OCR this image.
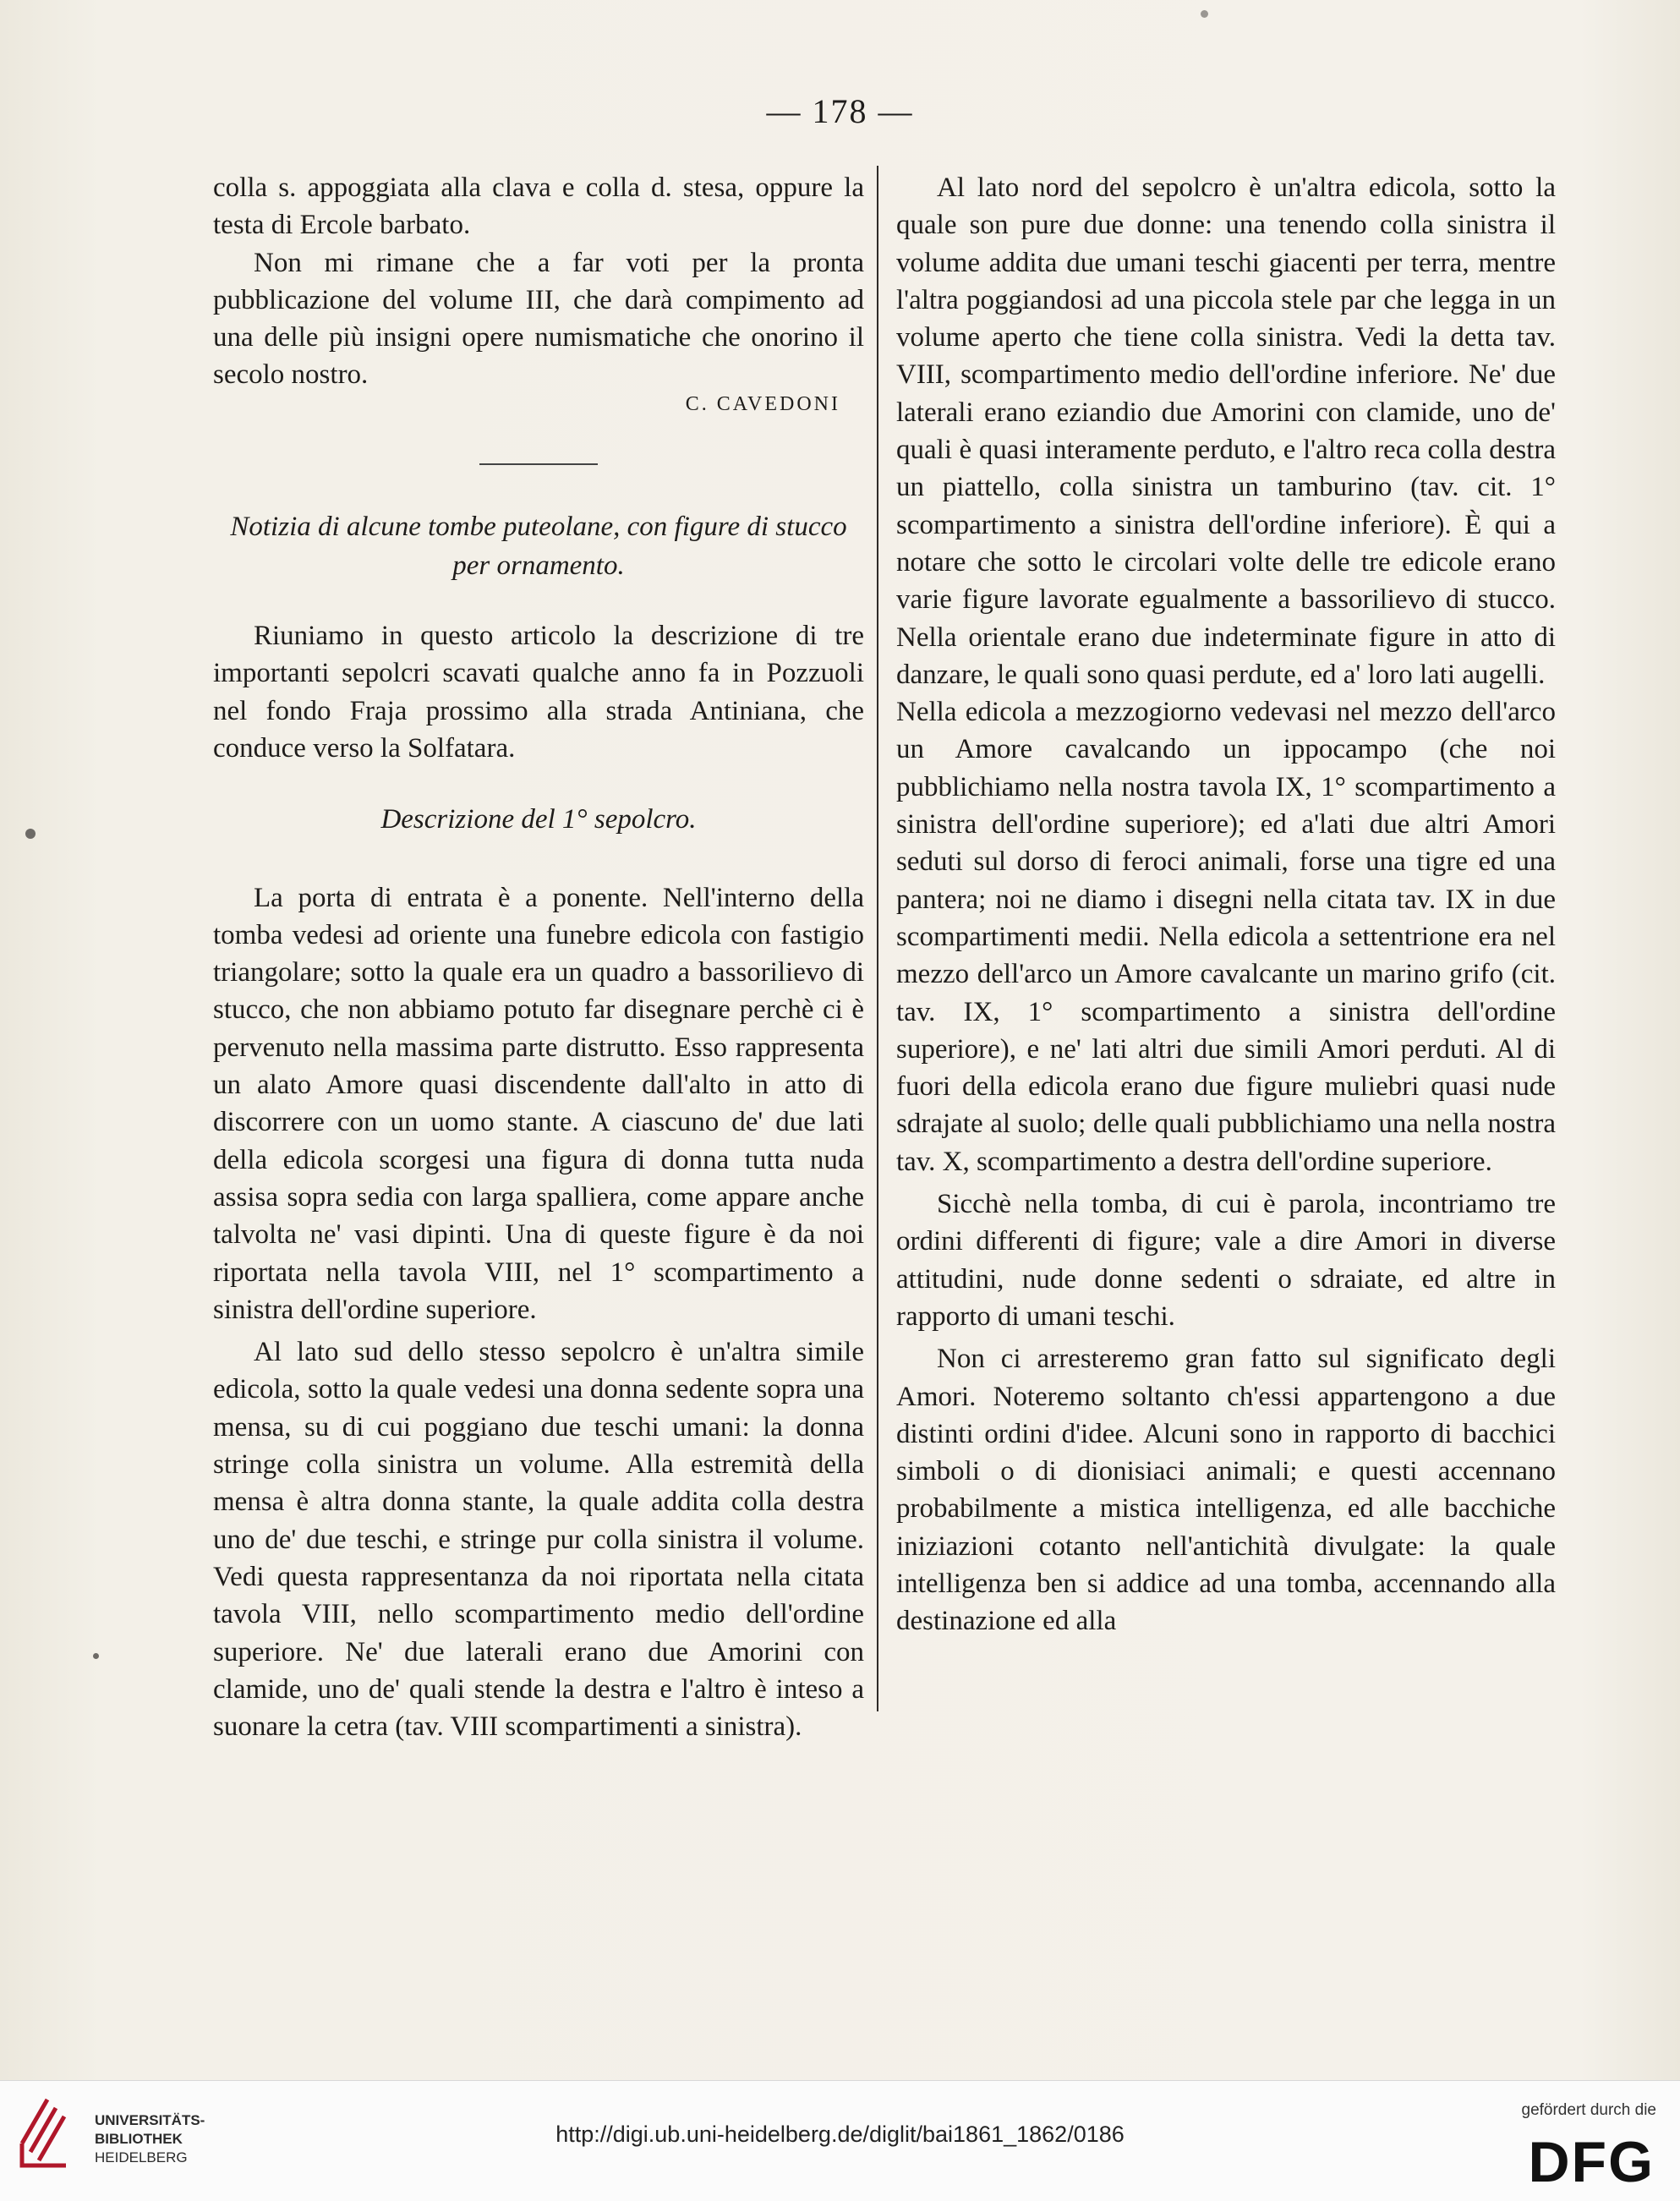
— 178 —

colla s. appoggiata alla clava e colla d. stesa, oppure la testa di Ercole barbato.

Non mi rimane che a far voti per la pronta pubblicazione del volume III, che darà compimento ad una delle più insigni opere numismatiche che onorino il secolo nostro.

C. CAVEDONI
Notizia di alcune tombe puteolane, con figure di stucco
per ornamento.

Riuniamo in questo articolo la descrizione di tre importanti sepolcri scavati qualche anno fa in Pozzuoli nel fondo Fraja prossimo alla strada Antiniana, che conduce verso la Solfatara.

Descrizione del 1° sepolcro.

La porta di entrata è a ponente. Nell'interno della tomba vedesi ad oriente una funebre edicola con fastigio triangolare; sotto la quale era un quadro a bassorilievo di stucco, che non abbiamo potuto far disegnare perchè ci è pervenuto nella massima parte distrutto. Esso rappresenta un alato Amore quasi discendente dall'alto in atto di discorrere con un uomo stante. A ciascuno de' due lati della edicola scorgesi una figura di donna tutta nuda assisa sopra sedia con larga spalliera, come appare anche talvolta ne' vasi dipinti. Una di queste figure è da noi riportata nella tavola VIII, nel 1° scompartimento a sinistra dell'ordine superiore.

Al lato sud dello stesso sepolcro è un'altra simile edicola, sotto la quale vedesi una donna sedente sopra una mensa, su di cui poggiano due teschi umani: la donna stringe colla sinistra un volume. Alla estremità della mensa è altra donna stante, la quale addita colla destra uno de' due teschi, e stringe pur colla sinistra il volume. Vedi questa rappresentanza da noi riportata nella citata tavola VIII, nello scompartimento medio dell'ordine superiore. Ne' due laterali erano due Amorini con clamide, uno de' quali stende la destra e l'altro è inteso a suonare la cetra (tav. VIII scompartimenti a sinistra).

Al lato nord del sepolcro è un'altra edicola, sotto la quale son pure due donne: una tenendo colla sinistra il volume addita due umani teschi giacenti per terra, mentre l'altra poggiandosi ad una piccola stele par che legga in un volume aperto che tiene colla sinistra. Vedi la detta tav. VIII, scompartimento medio dell'ordine inferiore. Ne' due laterali erano eziandio due Amorini con clamide, uno de' quali è quasi interamente perduto, e l'altro reca colla destra un piattello, colla sinistra un tamburino (tav. cit. 1° scompartimento a sinistra dell'ordine inferiore). È qui a notare che sotto le circolari volte delle tre edicole erano varie figure lavorate egualmente a bassorilievo di stucco. Nella orientale erano due indeterminate figure in atto di danzare, le quali sono quasi perdute, ed a' loro lati augelli.

Nella edicola a mezzogiorno vedevasi nel mezzo dell'arco un Amore cavalcando un ippocampo (che noi pubblichiamo nella nostra tavola IX, 1° scompartimento a sinistra dell'ordine superiore); ed a'lati due altri Amori seduti sul dorso di feroci animali, forse una tigre ed una pantera; noi ne diamo i disegni nella citata tav. IX in due scompartimenti medii. Nella edicola a settentrione era nel mezzo dell'arco un Amore cavalcante un marino grifo (cit. tav. IX, 1° scompartimento a sinistra dell'ordine superiore), e ne' lati altri due simili Amori perduti. Al di fuori della edicola erano due figure muliebri quasi nude sdrajate al suolo; delle quali pubblichiamo una nella nostra tav. X, scompartimento a destra dell'ordine superiore.

Sicchè nella tomba, di cui è parola, incontriamo tre ordini differenti di figure; vale a dire Amori in diverse attitudini, nude donne sedenti o sdraiate, ed altre in rapporto di umani teschi.

Non ci arresteremo gran fatto sul significato degli Amori. Noteremo soltanto ch'essi appartengono a due distinti ordini d'idee. Alcuni sono in rapporto di bacchici simboli o di dionisiaci animali; e questi accennano probabilmente a mistica intelligenza, ed alle bacchiche iniziazioni cotanto nell'antichità divulgate: la quale intelligenza ben si addice ad una tomba, accennando alla destinazione ed alla

UNIVERSITÄTS-
BIBLIOTHEK
HEIDELBERG
http://digi.ub.uni-heidelberg.de/diglit/bai1861_1862/0186
gefördert durch die
DFG
